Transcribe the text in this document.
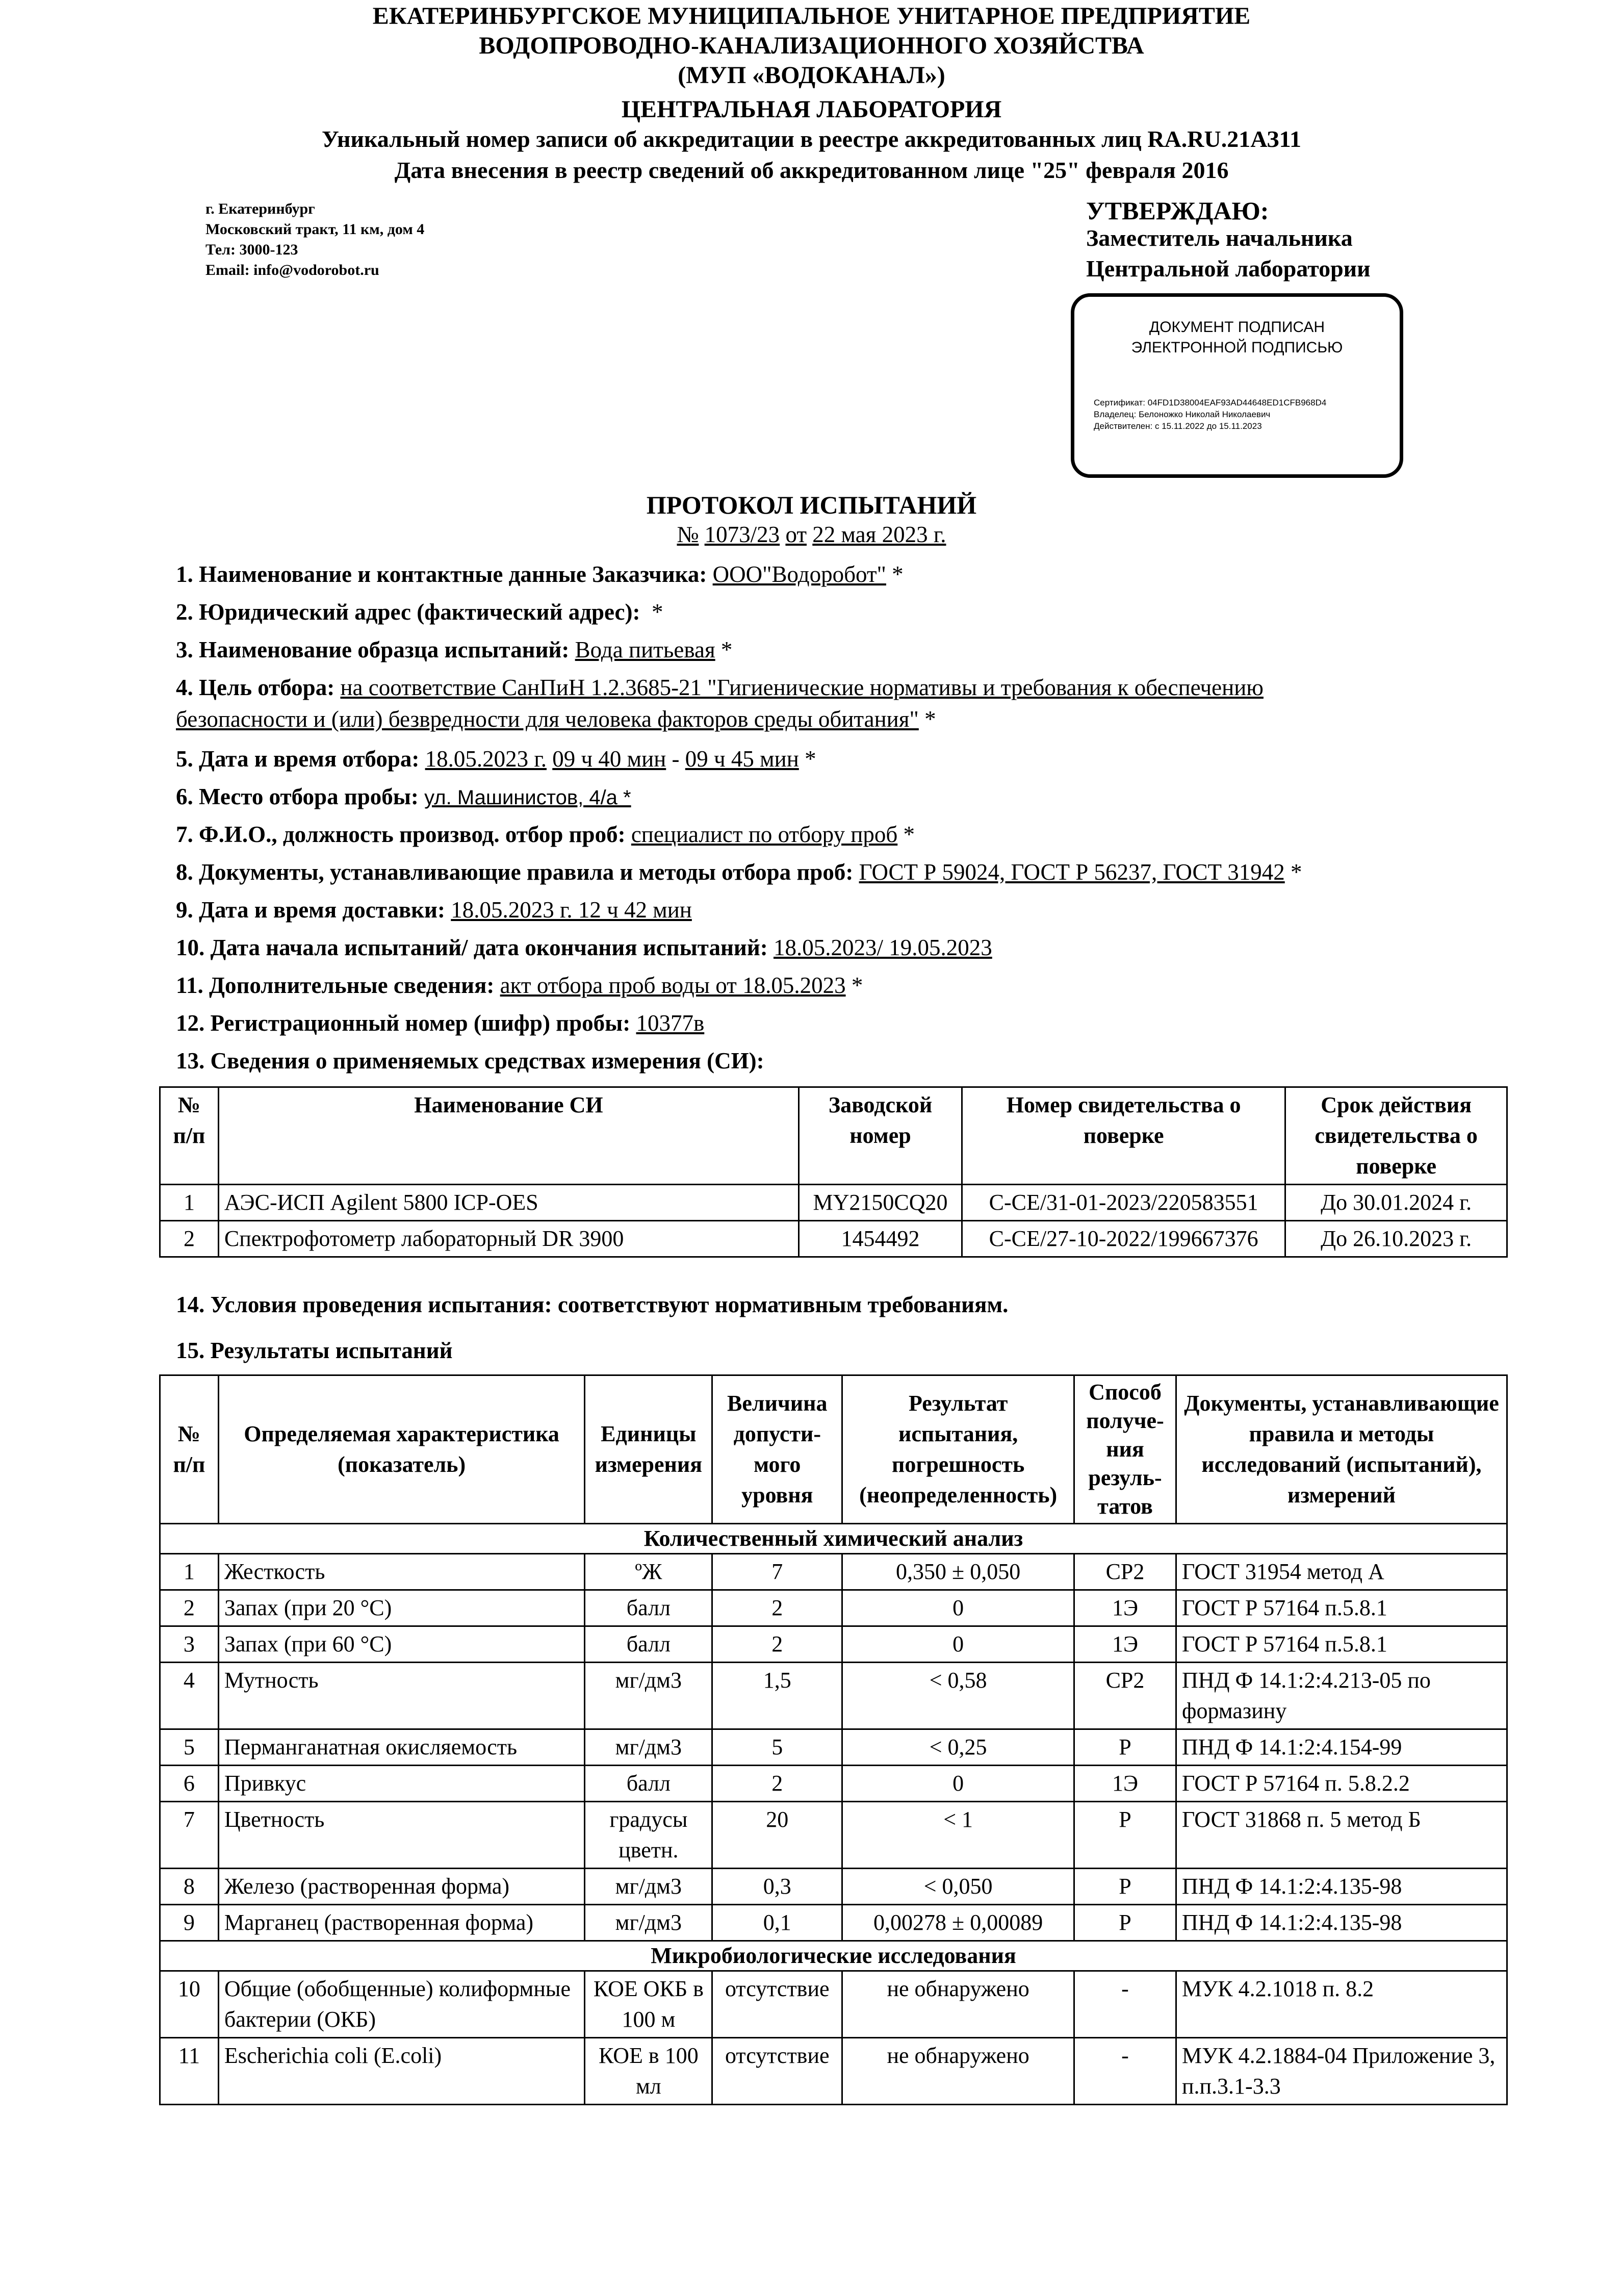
ЕКАТЕРИНБУРГСКОЕ МУНИЦИПАЛЬНОЕ УНИТАРНОЕ ПРЕДПРИЯТИЕ
ВОДОПРОВОДНО-КАНАЛИЗАЦИОННОГО ХОЗЯЙСТВА
(МУП «ВОДОКАНАЛ»)
ЦЕНТРАЛЬНАЯ ЛАБОРАТОРИЯ
Уникальный номер записи об аккредитации в реестре аккредитованных лиц RA.RU.21АЗ11
Дата внесения в реестр сведений об аккредитованном лице "25" февраля 2016
г. Екатеринбург
Московский тракт, 11 км, дом 4
Тел: 3000-123
Email: info@vodorobot.ru
УТВЕРЖДАЮ:
Заместитель начальника
Центральной лаборатории
ДОКУМЕНТ ПОДПИСАН
ЭЛЕКТРОННОЙ ПОДПИСЬЮ
Сертификат: 04FD1D38004EAF93AD44648ED1CFB968D4
Владелец: Белоножко Николай Николаевич
Действителен: с 15.11.2022 до 15.11.2023
ПРОТОКОЛ ИСПЫТАНИЙ
№ 1073/23 от 22 мая 2023 г.
1. Наименование и контактные данные Заказчика: ООО"Водоробот" *
2. Юридический адрес (фактический адрес): *
3. Наименование образца испытаний: Вода питьевая *
4. Цель отбора: на соответствие СанПиН 1.2.3685-21 "Гигиенические нормативы и требования к обеспечению
безопасности и (или) безвредности для человека факторов среды обитания" *
5. Дата и время отбора: 18.05.2023 г. 09 ч 40 мин - 09 ч 45 мин *
6. Место отбора пробы: ул. Машинистов, 4/а *
7. Ф.И.О., должность производ. отбор проб: специалист по отбору проб *
8. Документы, устанавливающие правила и методы отбора проб: ГОСТ Р 59024, ГОСТ Р 56237, ГОСТ 31942 *
9. Дата и время доставки: 18.05.2023 г. 12 ч 42 мин
10. Дата начала испытаний/ дата окончания испытаний: 18.05.2023/ 19.05.2023
11. Дополнительные сведения: акт отбора проб воды от 18.05.2023 *
12. Регистрационный номер (шифр) пробы: 10377в
13. Сведения о применяемых средствах измерения (СИ):
№ п/п	Наименование СИ	Заводской номер	Номер свидетельства о поверке	Срок действия свидетельства о поверке
1	АЭС-ИСП Agilent 5800 ICP-OES	MY2150CQ20	С-СЕ/31-01-2023/220583551	До 30.01.2024 г.
2	Спектрофотометр лабораторный DR 3900	1454492	С-СЕ/27-10-2022/199667376	До 26.10.2023 г.
14. Условия проведения испытания: соответствуют нормативным требованиям.
15. Результаты испытаний
№ п/п	Определяемая характеристика (показатель)	Единицы измерения	Величина допусти-мого уровня	Результат испытания, погрешность (неопределенность)	Способ получе-ния резуль-татов	Документы, устанавливающие правила и методы исследований (испытаний), измерений
Количественный химический анализ						
1	Жесткость	ºЖ	7	0,350 ± 0,050	СР2	ГОСТ 31954 метод А
2	Запах (при 20 °С)	балл	2	0	1Э	ГОСТ Р 57164 п.5.8.1
3	Запах (при 60 °С)	балл	2	0	1Э	ГОСТ Р 57164 п.5.8.1
4	Мутность	мг/дм3	1,5	< 0,58	СР2	ПНД Ф 14.1:2:4.213-05 по формазину
5	Перманганатная окисляемость	мг/дм3	5	< 0,25	Р	ПНД Ф 14.1:2:4.154-99
6	Привкус	балл	2	0	1Э	ГОСТ Р 57164 п. 5.8.2.2
7	Цветность	градусы цветн.	20	< 1	Р	ГОСТ 31868 п. 5 метод Б
8	Железо (растворенная форма)	мг/дм3	0,3	< 0,050	Р	ПНД Ф 14.1:2:4.135-98
9	Марганец (растворенная форма)	мг/дм3	0,1	0,00278 ± 0,00089	Р	ПНД Ф 14.1:2:4.135-98
Микробиологические исследования						
10	Общие (обобщенные) колиформные бактерии (ОКБ)	КОЕ ОКБ в 100 м	отсутствие	не обнаружено	-	МУК 4.2.1018 п. 8.2
11	Escherichia coli (E.coli)	КОЕ в 100 мл	отсутствие	не обнаружено	-	МУК 4.2.1884-04 Приложение 3, п.п.3.1-3.3
